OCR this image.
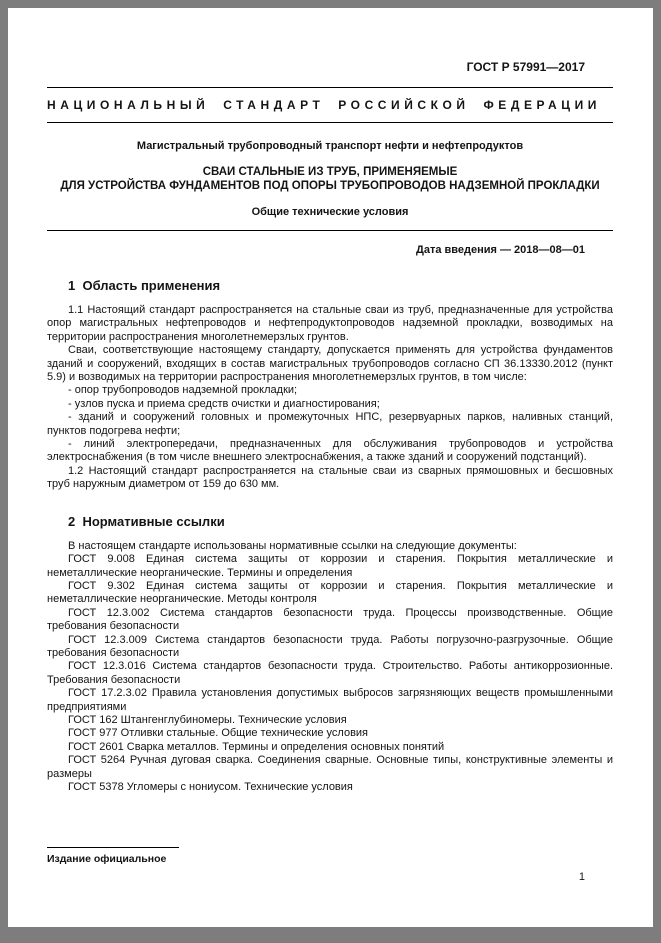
ГОСТ Р 57991—2017
НАЦИОНАЛЬНЫЙ СТАНДАРТ РОССИЙСКОЙ ФЕДЕРАЦИИ
Магистральный трубопроводный транспорт нефти и нефтепродуктов
СВАИ СТАЛЬНЫЕ ИЗ ТРУБ, ПРИМЕНЯЕМЫЕ
ДЛЯ УСТРОЙСТВА ФУНДАМЕНТОВ ПОД ОПОРЫ ТРУБОПРОВОДОВ НАДЗЕМНОЙ ПРОКЛАДКИ
Общие технические условия
Дата введения — 2018—08—01
1  Область применения

1.1 Настоящий стандарт распространяется на стальные сваи из труб, предназначенные для устройства опор магистральных нефтепроводов и нефтепродуктопроводов надземной прокладки, возводимых на территории распространения многолетнемерзлых грунтов.

Сваи, соответствующие настоящему стандарту, допускается применять для устройства фундаментов зданий и сооружений, входящих в состав магистральных трубопроводов согласно СП 36.13330.2012 (пункт 5.9) и возводимых на территории распространения многолетнемерзлых грунтов, в том числе:

- опор трубопроводов надземной прокладки;

- узлов пуска и приема средств очистки и диагностирования;

- зданий и сооружений головных и промежуточных НПС, резервуарных парков, наливных станций, пунктов подогрева нефти;

- линий электропередачи, предназначенных для обслуживания трубопроводов и устройства электроснабжения (в том числе внешнего электроснабжения, а также зданий и сооружений подстанций).

1.2 Настоящий стандарт распространяется на стальные сваи из сварных прямошовных и бесшовных труб наружным диаметром от 159 до 630 мм.

2  Нормативные ссылки

В настоящем стандарте использованы нормативные ссылки на следующие документы:

ГОСТ 9.008 Единая система защиты от коррозии и старения. Покрытия металлические и неметаллические неорганические. Термины и определения

ГОСТ 9.302 Единая система защиты от коррозии и старения. Покрытия металлические и неметаллические неорганические. Методы контроля

ГОСТ 12.3.002 Система стандартов безопасности труда. Процессы производственные. Общие требования безопасности

ГОСТ 12.3.009 Система стандартов безопасности труда. Работы погрузочно-разгрузочные. Общие требования безопасности

ГОСТ 12.3.016 Система стандартов безопасности труда. Строительство. Работы антикоррозионные. Требования безопасности

ГОСТ 17.2.3.02 Правила установления допустимых выбросов загрязняющих веществ промышленными предприятиями

ГОСТ 162 Штангенглубиномеры. Технические условия

ГОСТ 977 Отливки стальные. Общие технические условия

ГОСТ 2601 Сварка металлов. Термины и определения основных понятий

ГОСТ 5264 Ручная дуговая сварка. Соединения сварные. Основные типы, конструктивные элементы и размеры

ГОСТ 5378 Угломеры с нониусом. Технические условия

Издание официальное
1
